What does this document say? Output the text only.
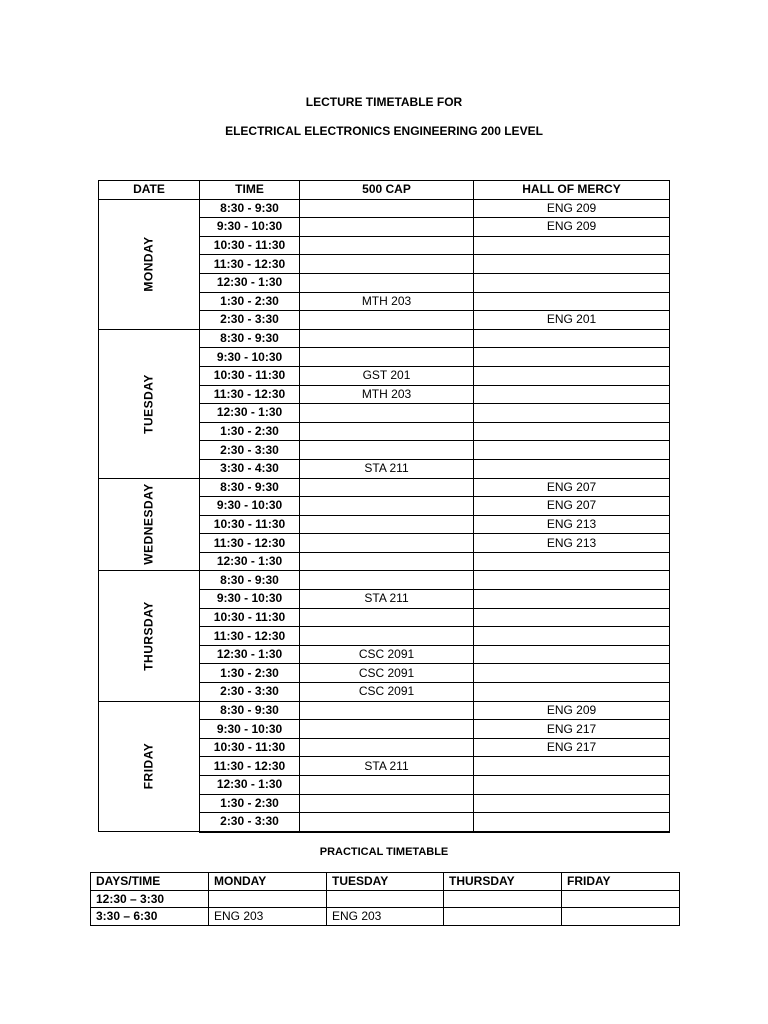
LECTURE TIMETABLE FOR
ELECTRICAL ELECTRONICS ENGINEERING 200 LEVEL
DATE	TIME	500 CAP	HALL OF MERCY

MONDAY	8:30 - 9:30		ENG 209
	9:30 - 10:30		ENG 209
	10:30 - 11:30		
	11:30 - 12:30		
	12:30 - 1:30		
	1:30 - 2:30	MTH 203	
	2:30 - 3:30		ENG 201

TUESDAY	8:30 - 9:30		
	9:30 - 10:30		
	10:30 - 11:30	GST 201	
	11:30 - 12:30	MTH 203	
	12:30 - 1:30		
	1:30 - 2:30		
	2:30 - 3:30		
	3:30 - 4:30	STA 211	

WEDNESDAY	8:30 - 9:30		ENG 207
	9:30 - 10:30		ENG 207
	10:30 - 11:30		ENG 213
	11:30 - 12:30		ENG 213
	12:30 - 1:30		

THURSDAY	8:30 - 9:30		
	9:30 - 10:30	STA 211	
	10:30 - 11:30		
	11:30 - 12:30		
	12:30 - 1:30	CSC 2091	
	1:30 - 2:30	CSC 2091	
	2:30 - 3:30	CSC 2091	

FRIDAY	8:30 - 9:30		ENG 209
	9:30 - 10:30		ENG 217
	10:30 - 11:30		ENG 217
	11:30 - 12:30	STA 211	
	12:30 - 1:30		
	1:30 - 2:30		
	2:30 - 3:30		
PRACTICAL TIMETABLE
DAYS/TIME	MONDAY	TUESDAY	THURSDAY	FRIDAY
12:30 – 3:30				
3:30 – 6:30	ENG 203	ENG 203		
